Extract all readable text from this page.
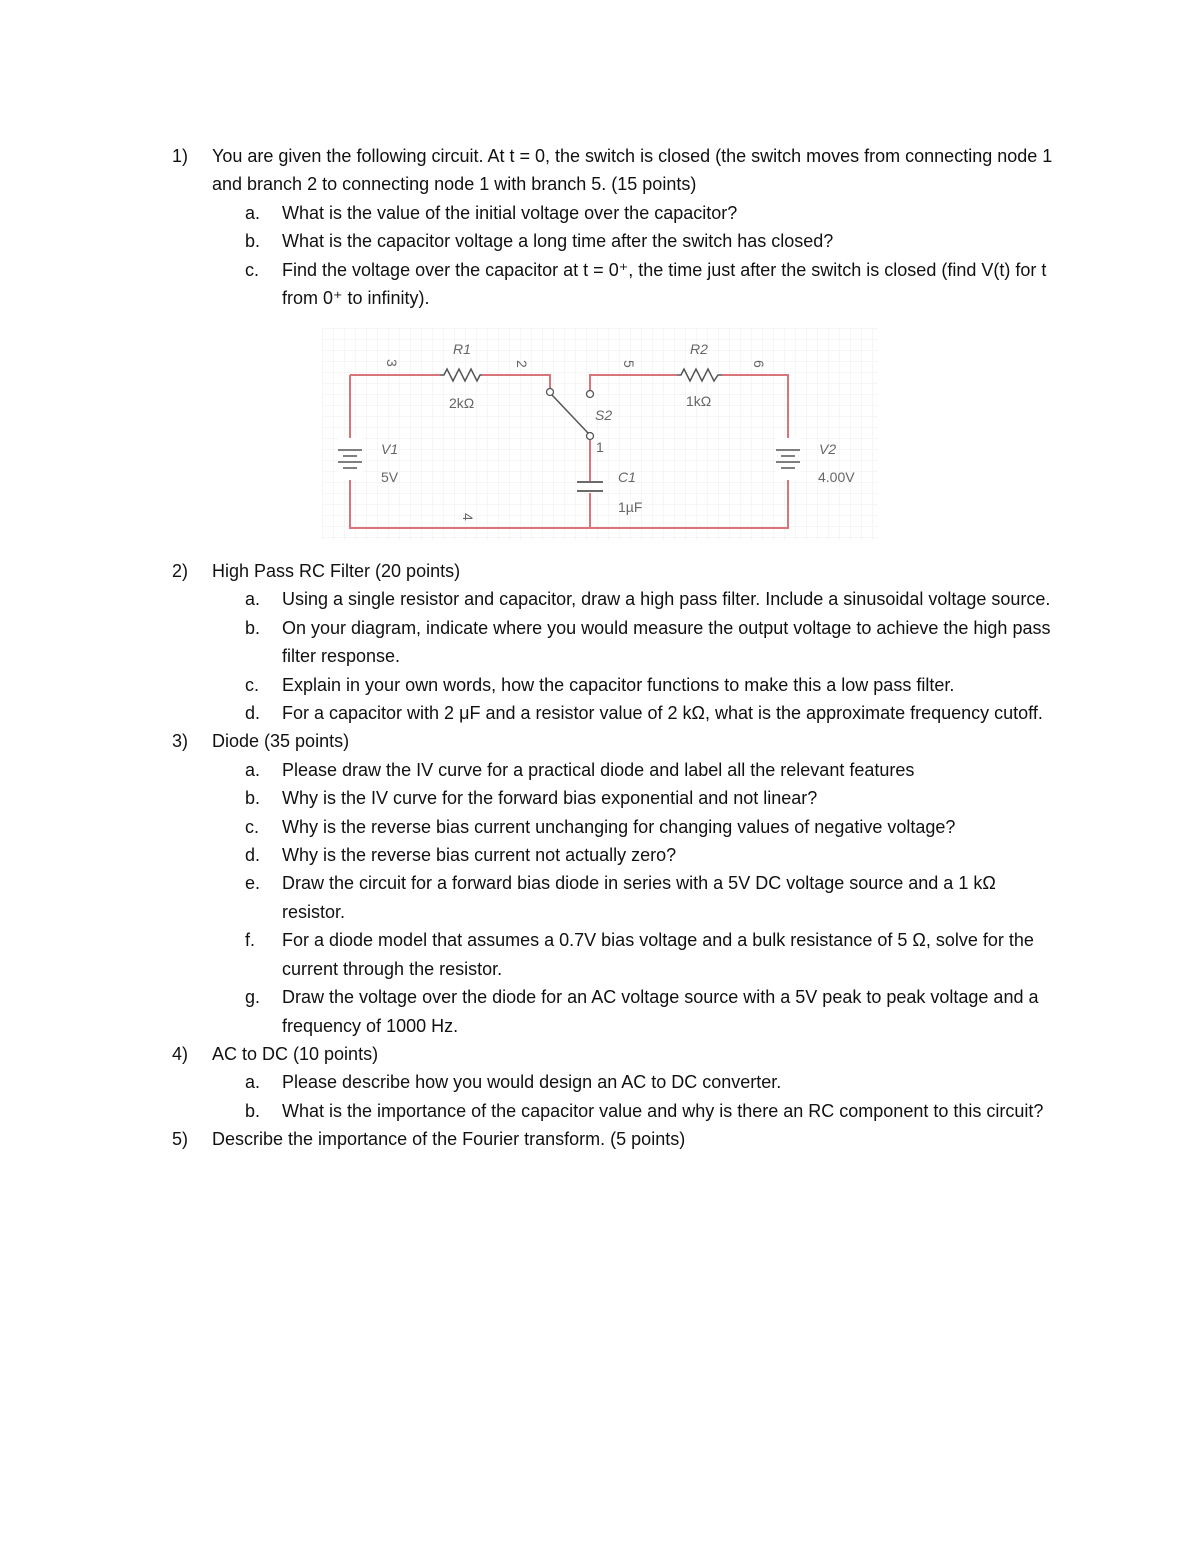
1)	You are given the following circuit. At t = 0, the switch is closed (the switch moves from connecting node 1 and branch 2 to connecting node 1 with branch 5. (15 points)
a. What is the value of the initial voltage over the capacitor?
b. What is the capacitor voltage a long time after the switch has closed?
c. Find the voltage over the capacitor at t = 0⁺, the time just after the switch is closed (find V(t) for t from 0⁺ to infinity).
3
R1
2kΩ
2	5
R2
1kΩ
6
S2
1
V1
5V
V2
4.00V
C1
1µF
4
2)	High Pass RC Filter (20 points)
a. Using a single resistor and capacitor, draw a high pass filter. Include a sinusoidal voltage source.
b. On your diagram, indicate where you would measure the output voltage to achieve the high pass filter response.
c. Explain in your own words, how the capacitor functions to make this a low pass filter.
d. For a capacitor with 2 μF and a resistor value of 2 kΩ, what is the approximate frequency cutoff.
3)	Diode (35 points)
a. Please draw the IV curve for a practical diode and label all the relevant features
b. Why is the IV curve for the forward bias exponential and not linear?
c. Why is the reverse bias current unchanging for changing values of negative voltage?
d. Why is the reverse bias current not actually zero?
e. Draw the circuit for a forward bias diode in series with a 5V DC voltage source and a 1 kΩ resistor.
f. For a diode model that assumes a 0.7V bias voltage and a bulk resistance of 5 Ω, solve for the current through the resistor.
g. Draw the voltage over the diode for an AC voltage source with a 5V peak to peak voltage and a frequency of 1000 Hz.
4)	AC to DC (10 points)
a. Please describe how you would design an AC to DC converter.
b. What is the importance of the capacitor value and why is there an RC component to this circuit?
5)	Describe the importance of the Fourier transform. (5 points)
